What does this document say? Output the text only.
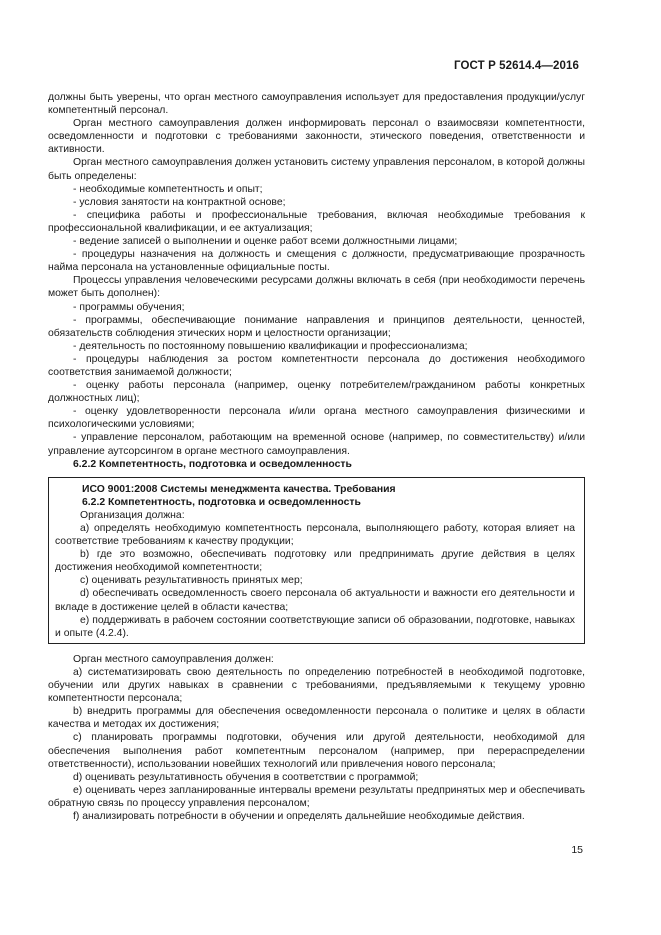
ГОСТ Р 52614.4—2016

должны быть уверены, что орган местного самоуправления использует для предоставления продукции/услуг компетентный персонал.

Орган местного самоуправления должен информировать персонал о взаимосвязи компетентности, осведомленности и подготовки с требованиями законности, этического поведения, ответственности и активности.

Орган местного самоуправления должен установить систему управления персоналом, в которой должны быть определены:

- необходимые компетентность и опыт;

- условия занятости на контрактной основе;

- специфика работы и профессиональные требования, включая необходимые требования к профессиональной квалификации, и ее актуализация;

- ведение записей о выполнении и оценке работ всеми должностными лицами;

- процедуры назначения на должность и смещения с должности, предусматривающие прозрачность найма персонала на установленные официальные посты.

Процессы управления человеческими ресурсами должны включать в себя (при необходимости перечень может быть дополнен):

- программы обучения;

- программы, обеспечивающие понимание направления и принципов деятельности, ценностей, обязательств соблюдения этических норм и целостности организации;

- деятельность по постоянному повышению квалификации и профессионализма;

- процедуры наблюдения за ростом компетентности персонала до достижения необходимого соответствия занимаемой должности;

- оценку работы персонала (например, оценку потребителем/гражданином работы конкретных должностных лиц);

- оценку удовлетворенности персонала и/или органа местного самоуправления физическими и психологическими условиями;

- управление персоналом, работающим на временной основе (например, по совместительству) и/или управление аутсорсингом в органе местного самоуправления.

6.2.2 Компетентность, подготовка и осведомленность

ИСО 9001:2008 Системы менеджмента качества. Требования

6.2.2 Компетентность, подготовка и осведомленность

Организация должна:

a) определять необходимую компетентность персонала, выполняющего работу, которая влияет на соответствие требованиям к качеству продукции;

b) где это возможно, обеспечивать подготовку или предпринимать другие действия в целях достижения необходимой компетентности;

c) оценивать результативность принятых мер;

d) обеспечивать осведомленность своего персонала об актуальности и важности его деятельности и вкладе в достижение целей в области качества;

e) поддерживать в рабочем состоянии соответствующие записи об образовании, подготовке, навыках и опыте (4.2.4).

Орган местного самоуправления должен:

a) систематизировать свою деятельность по определению потребностей в необходимой подготовке, обучении или других навыках в сравнении с требованиями, предъявляемыми к текущему уровню компетентности персонала;

b) внедрить программы для обеспечения осведомленности персонала о политике и целях в области качества и методах их достижения;

c) планировать программы подготовки, обучения или другой деятельности, необходимой для обеспечения выполнения работ компетентным персоналом (например, при перераспределении ответственности), использовании новейших технологий или привлечения нового персонала;

d) оценивать результативность обучения в соответствии с программой;

e) оценивать через запланированные интервалы времени результаты предпринятых мер и обеспечивать обратную связь по процессу управления персоналом;

f) анализировать потребности в обучении и определять дальнейшие необходимые действия.

15
